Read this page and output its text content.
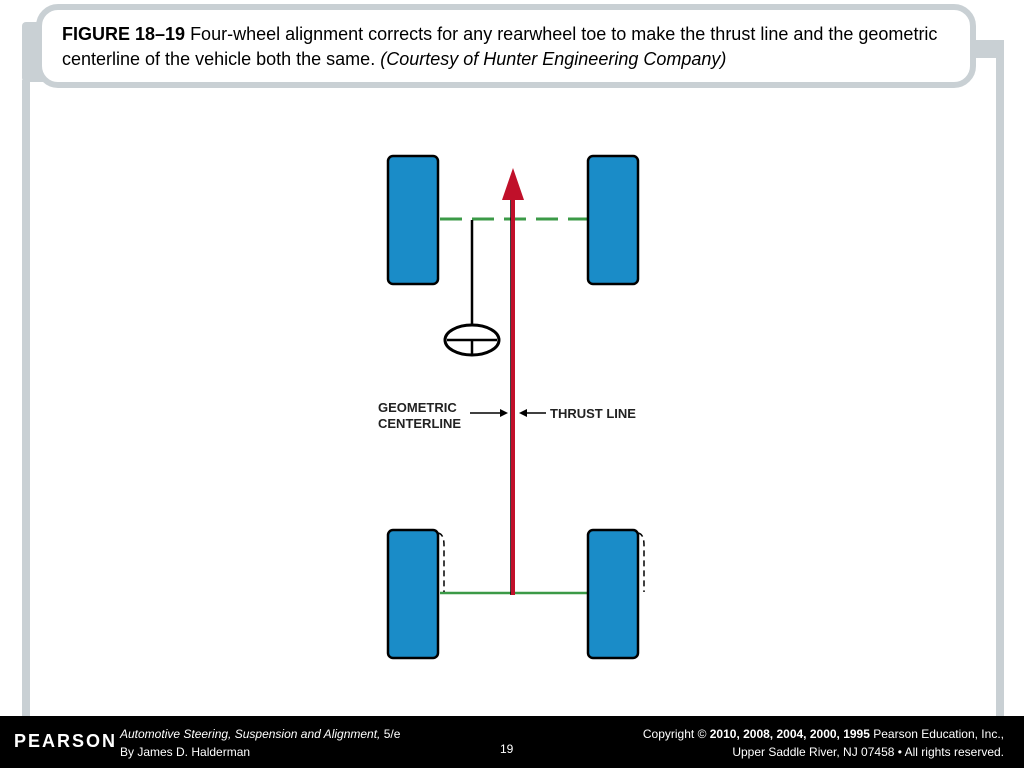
FIGURE 18–19 Four-wheel alignment corrects for any rearwheel toe to make the thrust line and the geometric centerline of the vehicle both the same. (Courtesy of Hunter Engineering Company)
GEOMETRIC
CENTERLINE
THRUST LINE
PEARSON Automotive Steering, Suspension and Alignment, 5/e
By James D. Halderman	19
Copyright © 2010, 2008, 2004, 2000, 1995 Pearson Education, Inc.,
Upper Saddle River, NJ 07458 • All rights reserved.
